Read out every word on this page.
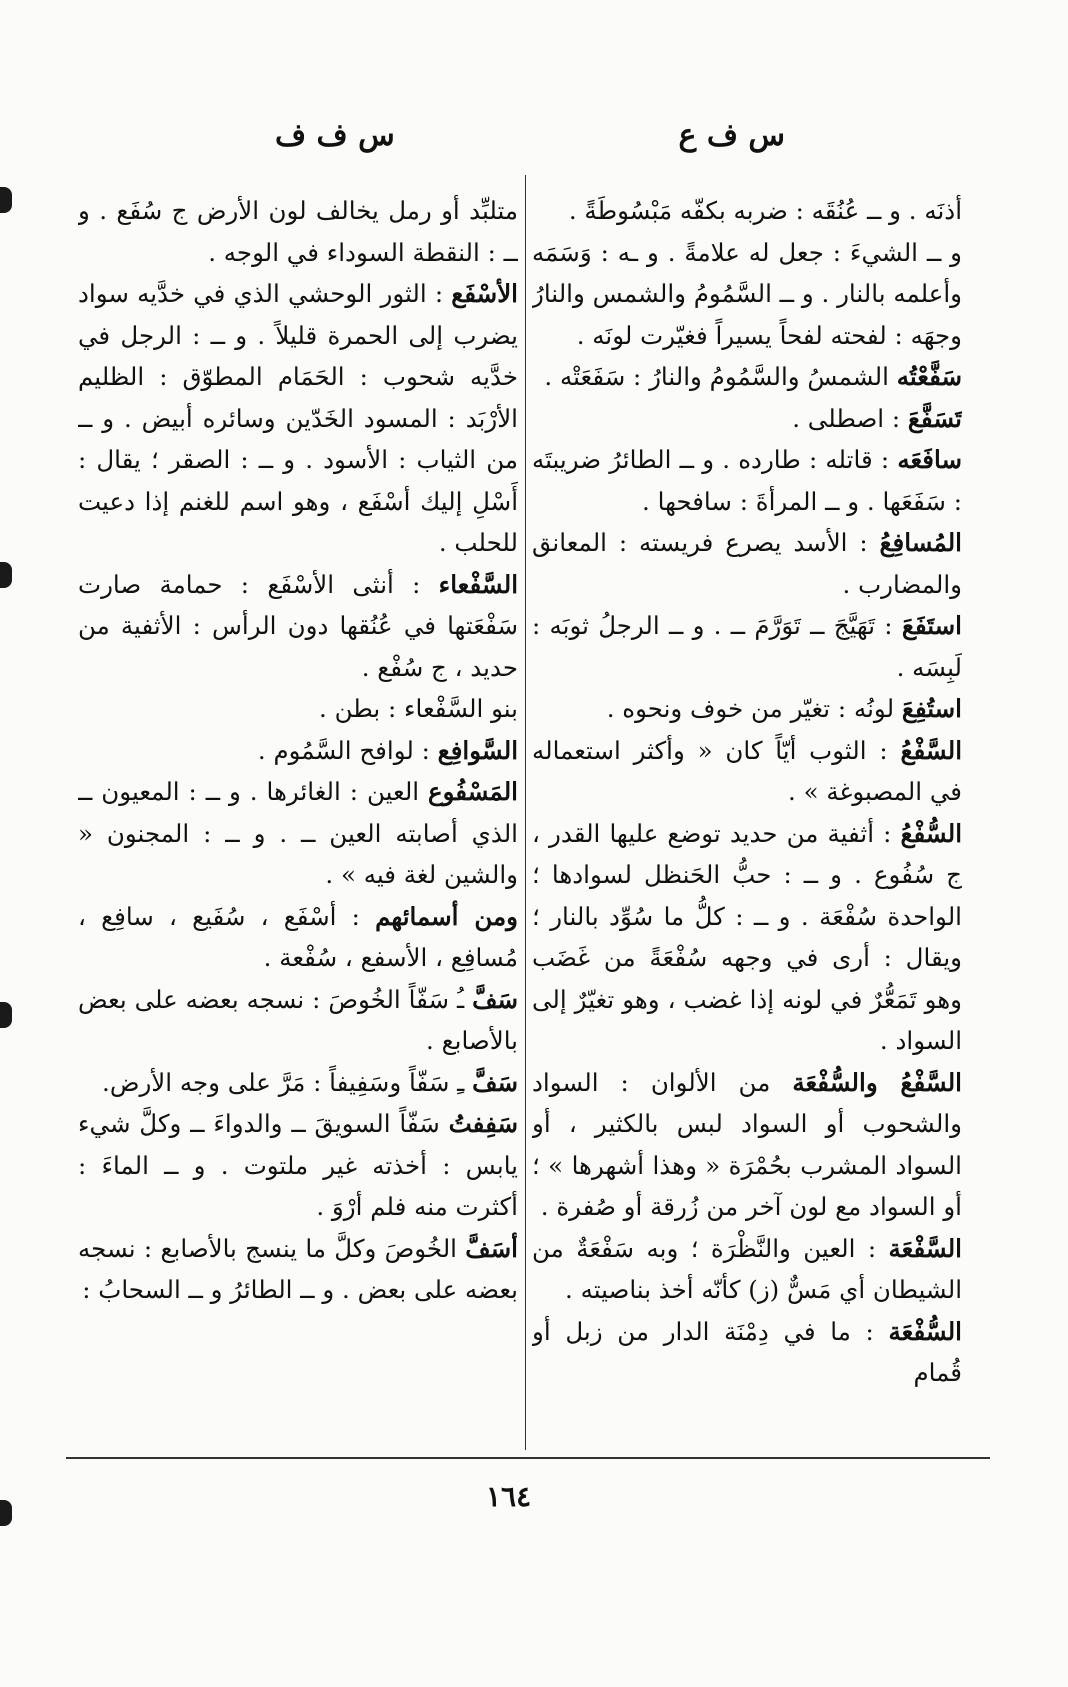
س ف ع
س ف ف

أذنَه . و ــ عُنُقَه : ضربه بكفّه مَبْسُوطَةً .

و ــ الشيءَ : جعل له علامةً . و ـه : وَسَمَه وأعلمه بالنار . و ــ السَّمُومُ والشمس والنارُ وجهَه : لفحته لفحاً يسيراً فغيّرت لونَه .

سَفَّعْتُه الشمسُ والسَّمُومُ والنارُ : سَفَعَتْه .

تَسَفَّعَ : اصطلى .

سافَعَه : قاتله : طارده . و ــ الطائرُ ضريبتَه : سَفَعَها . و ــ المرأةَ : سافحها .

المُسافِعُ : الأسد يصرع فريسته : المعانق والمضارب .

استَفَعَ : تَهَيَّجَ ــ تَوَرَّمَ ــ . و ــ الرجلُ ثوبَه : لَبِسَه .

استُفِعَ لونُه : تغيّر من خوف ونحوه .

السَّفْعُ : الثوب أيّاً كان « وأكثر استعماله في المصبوغة » .

السُّفْعُ : أثفية من حديد توضع عليها القدر ، ج سُفُوع . و ــ : حبُّ الحَنظل لسوادها ؛ الواحدة سُفْعَة . و ــ : كلُّ ما سُوِّد بالنار ؛ ويقال : أرى في وجهه سُفْعَةً من غَضَب وهو تَمَعُّرٌ في لونه إذا غضب ، وهو تغيّرٌ إلى السواد .

السَّفْعُ والسُّفْعَة من الألوان : السواد والشحوب أو السواد لبس بالكثير ، أو السواد المشرب بحُمْرَة « وهذا أشهرها » ؛ أو السواد مع لون آخر من زُرقة أو صُفرة .

السَّفْعَة : العين والنَّظْرَة ؛ وبه سَفْعَةٌ من الشيطان أي مَسٌّ (ز) كأنّه أخذ بناصيته .

السُّفْعَة : ما في دِمْنَة الدار من زبل أو قُمام

متلبِّد أو رمل يخالف لون الأرض ج سُفَع . و ــ : النقطة السوداء في الوجه .

الأسْفَع : الثور الوحشي الذي في خدَّيه سواد يضرب إلى الحمرة قليلاً . و ــ : الرجل في خدَّيه شحوب : الحَمَام المطوّق : الظليم الأرْبَد : المسود الخَدّين وسائره أبيض . و ــ من الثياب : الأسود . و ــ : الصقر ؛ يقال : أَسْلِ إليك أسْفَع ، وهو اسم للغنم إذا دعيت للحلب .

السَّفْعاء : أنثى الأسْفَع : حمامة صارت سَفْعَتها في عُنُقها دون الرأس : الأثفية من حديد ، ج سُفْع .

بنو السَّفْعاء : بطن .

السَّوافِع : لوافح السَّمُوم .

المَسْفُوع العين : الغائرها . و ــ : المعيون ــ الذي أصابته العين ــ . و ــ : المجنون « والشين لغة فيه » .

ومن أسمائهم : أسْفَع ، سُفَيع ، سافِع ، مُسافِع ، الأسفع ، سُفْعة .

سَفَّ ـُ سَفّاً الخُوصَ : نسجه بعضه على بعض بالأصابع .

سَفَّ ـِ سَفّاً وسَفِيفاً : مَرَّ على وجه الأرض.

سَفِفتُ سَفّاً السويقَ ــ والدواءَ ــ وكلَّ شيء يابس : أخذته غير ملتوت . و ــ الماءَ : أكثرت منه فلم أرْوَ .

أسَفَّ الخُوصَ وكلَّ ما ينسج بالأصابع : نسجه بعضه على بعض . و ــ الطائرُ و ــ السحابُ :

١٦٤
